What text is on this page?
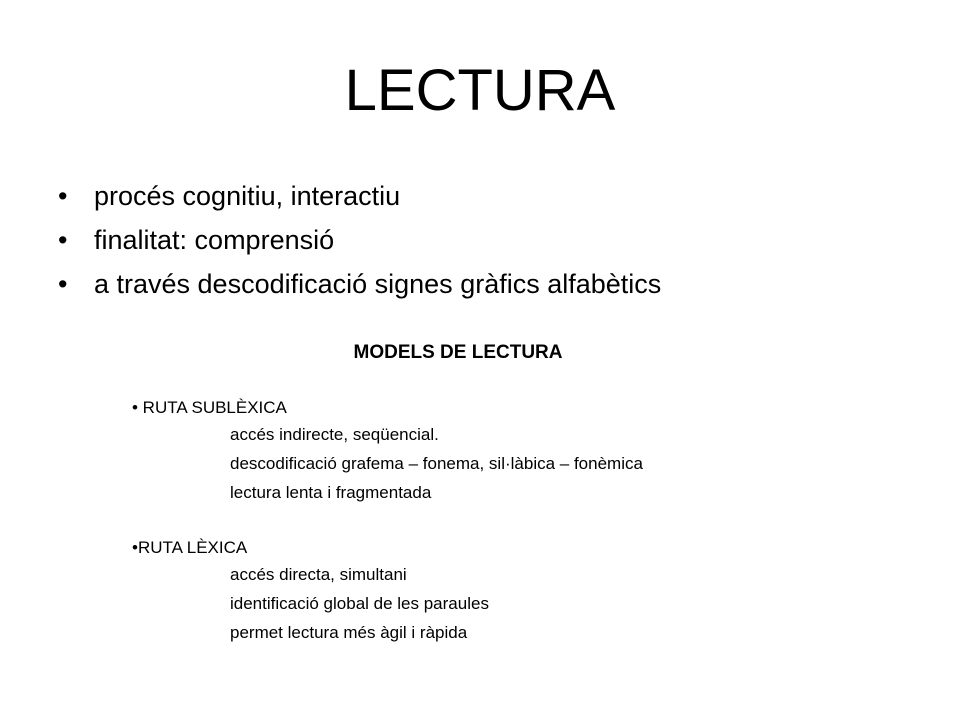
LECTURA
• procés cognitiu, interactiu
• finalitat: comprensió
• a través descodificació signes gràfics alfabètics
MODELS DE LECTURA
• RUTA SUBLÈXICA
accés indirecte, seqüencial.
descodificació grafema – fonema, sil·làbica – fonèmica
lectura lenta i fragmentada
•RUTA LÈXICA
accés directa, simultani
identificació global de les paraules
permet lectura més àgil i ràpida
